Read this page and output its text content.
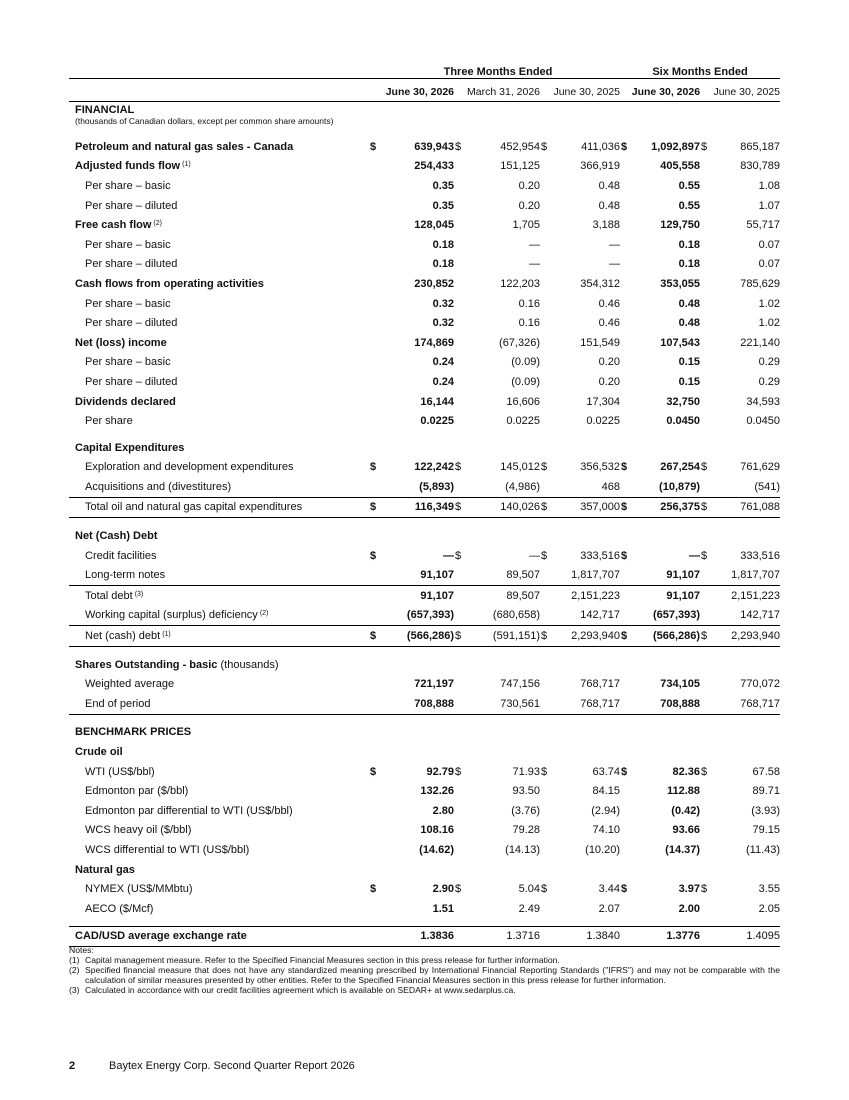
Three Months Ended	Six Months Ended
	June 30, 2026		March 31, 2026		June 30, 2025		June 30, 2026		June 30, 2025	
FINANCIAL
(thousands of Canadian dollars, except per common share amounts)										

Petroleum and natural gas sales - Canada	$	639,943	$	452,954	$	411,036	$	1,092,897	$	865,187
Adjusted funds flow $^{(1)}$		254,433		151,125		366,919		405,558		830,789
Per share – basic		0.35		0.20		0.48		0.55		1.08
Per share – diluted		0.35		0.20		0.48		0.55		1.07
Free cash flow $^{(2)}$		128,045		1,705		3,188		129,750		55,717
Per share – basic		0.18		—		—		0.18		0.07
Per share – diluted		0.18		—		—		0.18		0.07
Cash flows from operating activities		230,852		122,203		354,312		353,055		785,629
Per share – basic		0.32		0.16		0.46		0.48		1.02
Per share – diluted		0.32		0.16		0.46		0.48		1.02
Net (loss) income		174,869		(67,326)		151,549		107,543		221,140
Per share – basic		0.24		(0.09)		0.20		0.15		0.29
Per share – diluted		0.24		(0.09)		0.20		0.15		0.29
Dividends declared		16,144		16,606		17,304		32,750		34,593
Per share		0.0225		0.0225		0.0225		0.0450		0.0450

Capital Expenditures										
Exploration and development expenditures	$	122,242	$	145,012	$	356,532	$	267,254	$	761,629
Acquisitions and (divestitures)		(5,893)		(4,986)		468		(10,879)		(541)
Total oil and natural gas capital expenditures	$	116,349	$	140,026	$	357,000	$	256,375	$	761,088

Net (Cash) Debt										
Credit facilities	$	—	$	—	$	333,516	$	—	$	333,516
Long-term notes		91,107		89,507		1,817,707		91,107		1,817,707
Total debt $^{(3)}$		91,107		89,507		2,151,223		91,107		2,151,223
Working capital (surplus) deficiency $^{(2)}$		(657,393)		(680,658)		142,717		(657,393)		142,717
Net (cash) debt $^{(1)}$	$	(566,286)	$	(591,151)	$	2,293,940	$	(566,286)	$	2,293,940

Shares Outstanding - basic (thousands)										
Weighted average		721,197		747,156		768,717		734,105		770,072
End of period		708,888		730,561		768,717		708,888		768,717

BENCHMARK PRICES										
Crude oil										
WTI (US$/bbl)	$	92.79	$	71.93	$	63.74	$	82.36	$	67.58
Edmonton par ($/bbl)		132.26		93.50		84.15		112.88		89.71
Edmonton par differential to WTI (US$/bbl)		2.80		(3.76)		(2.94)		(0.42)		(3.93)
WCS heavy oil ($/bbl)		108.16		79.28		74.10		93.66		79.15
WCS differential to WTI (US$/bbl)		(14.62)		(14.13)		(10.20)		(14.37)		(11.43)
Natural gas										
NYMEX (US$/MMbtu)	$	2.90	$	5.04	$	3.44	$	3.97	$	3.55
AECO ($/Mcf)		1.51		2.49		2.07		2.00		2.05

CAD/USD average exchange rate		1.3836		1.3716		1.3840		1.3776		1.4095
Notes:
(1) Capital management measure. Refer to the Specified Financial Measures section in this press release for further information.
(2) Specified financial measure that does not have any standardized meaning prescribed by International Financial Reporting Standards ("IFRS") and may not be comparable with the calculation of similar measures presented by other entities. Refer to the Specified Financial Measures section in this press release for further information.
(3) Calculated in accordance with our credit facilities agreement which is available on SEDAR+ at www.sedarplus.ca.
2	Baytex Energy Corp. Second Quarter Report 2026
